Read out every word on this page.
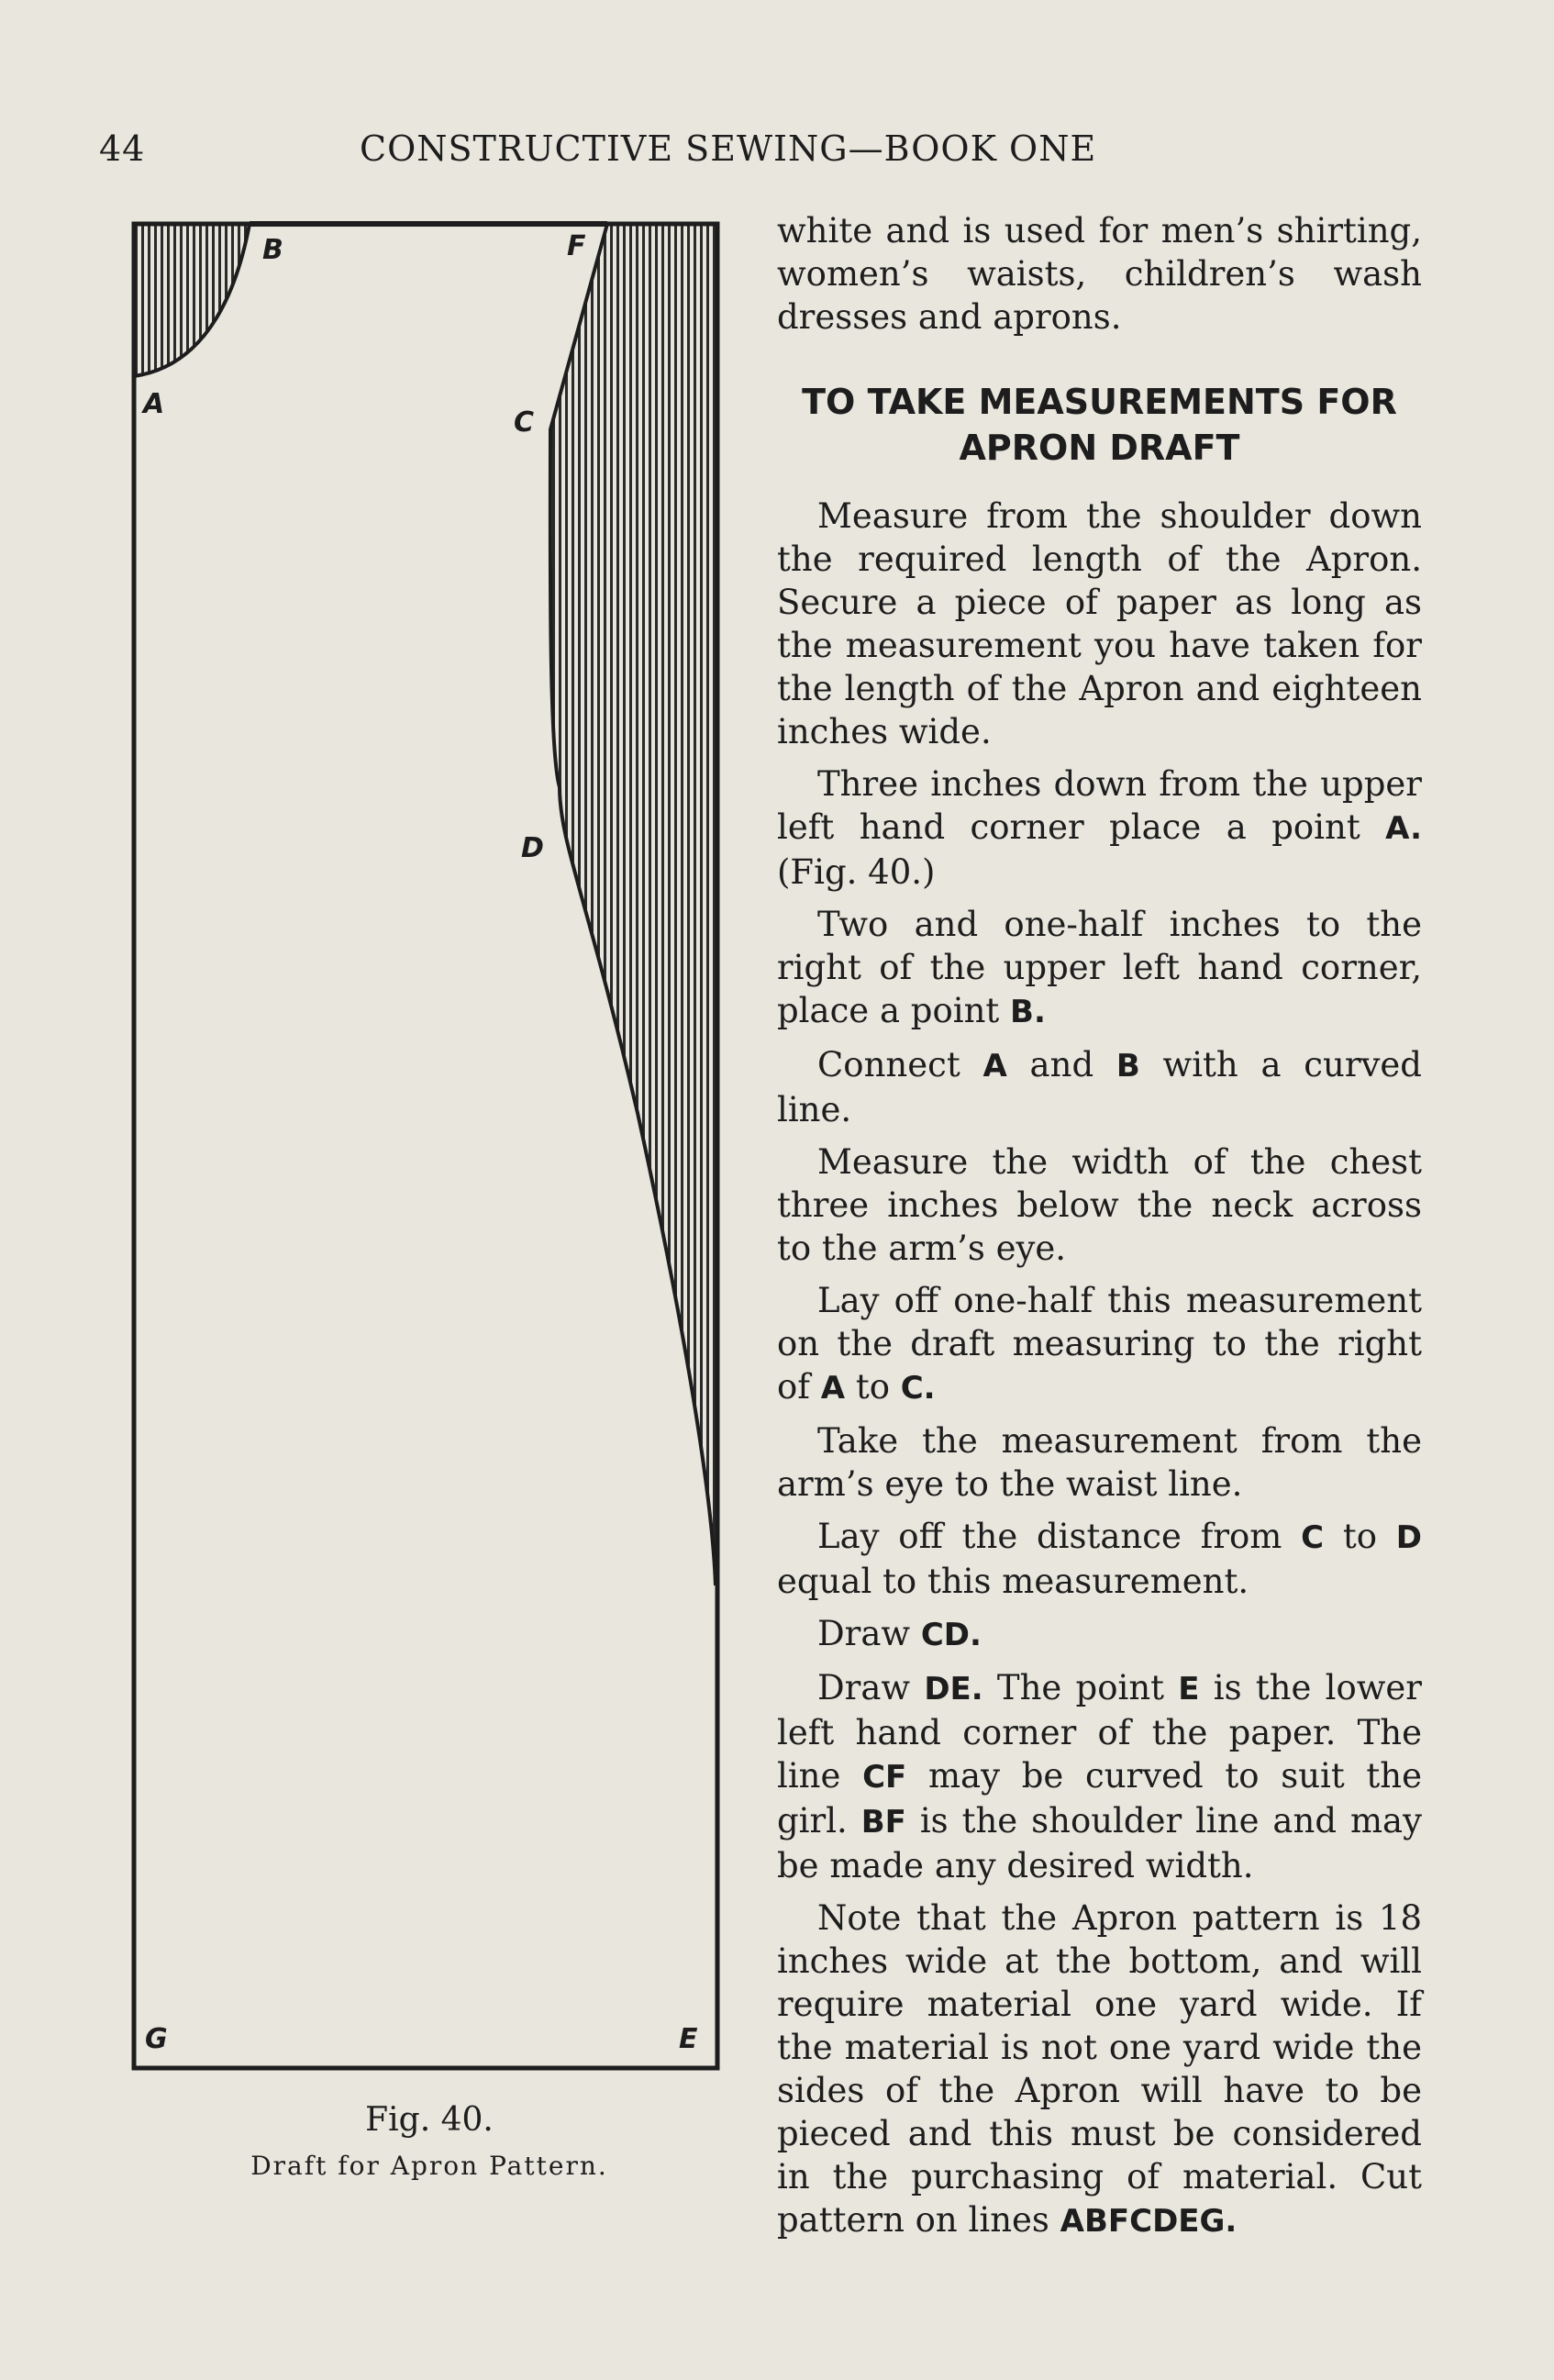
44	CONSTRUCTIVE SEWING—BOOK ONE
B	F
A
C
D
G	E
Fig. 40.
Draft for Apron Pattern.

white and is used for men’s shirting, women’s waists, children’s wash dresses and aprons.

TO TAKE MEASUREMENTS FOR APRON DRAFT

Measure from the shoulder down the required length of the Apron. Secure a piece of paper as long as the measurement you have taken for the length of the Apron and eighteen inches wide.

Three inches down from the upper left hand corner place a point A. (Fig. 40.)

Two and one-half inches to the right of the upper left hand corner, place a point B.

Connect A and B with a curved line.

Measure the width of the chest three inches below the neck across to the arm’s eye.

Lay off one-half this measurement on the draft measuring to the right of A to C.

Take the measurement from the arm’s eye to the waist line.

Lay off the distance from C to D equal to this measurement.

Draw CD.

Draw DE. The point E is the lower left hand corner of the paper. The line CF may be curved to suit the girl. BF is the shoulder line and may be made any desired width.

Note that the Apron pattern is 18 inches wide at the bottom, and will require material one yard wide. If the material is not one yard wide the sides of the Apron will have to be pieced and this must be considered in the purchasing of material. Cut pattern on lines ABFCDEG.
